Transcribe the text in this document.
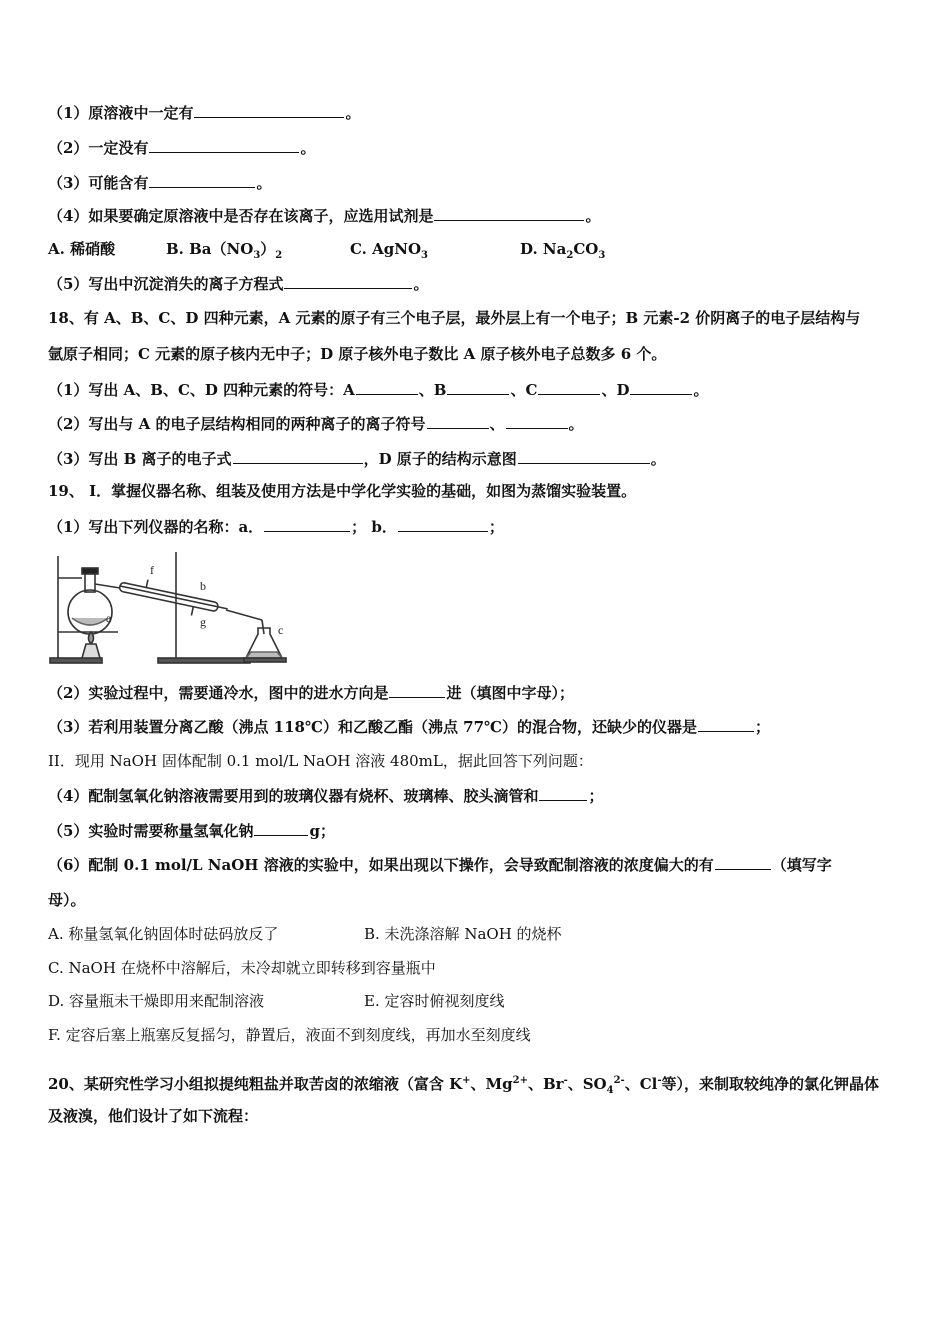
（1）原溶液中一定有	。
（2）一定没有	。
（3）可能含有	。
（4）如果要确定原溶液中是否存在该离子，应选用试剂是	。
A. 稀硝酸	B. $Ba(NO_3)_2$	C. AgNO$_3$	D. $Na_2CO_3$
（5）写出中沉淀消失的离子方程式	。
18、有 A、B、C、D 四种元素，A 元素的原子有三个电子层，最外层上有一个电子；B 元素-2 价阴离子的电子层结构与
氩原子相同；C 元素的原子核内无中子；D 原子核外电子数比 A 原子核外电子总数多 6 个。
（1）写出 A、B、C、D 四种元素的符号：A	、B	、C	、D	。
（2）写出与 A 的电子层结构相同的两种离子的离子符号	、	。
（3）写出 B 离子的电子式	，D 原子的结构示意图	。
19、 Ⅰ．掌握仪器名称、组装及使用方法是中学化学实验的基础，如图为蒸馏实验装置。
（1）写出下列仪器的名称：a．	； b．	；
a
f
b
g
c
（2）实验过程中，需要通冷水，图中的进水方向是	进（填图中字母）；
（3）若利用装置分离乙酸（沸点 118℃）和乙酸乙酯（沸点 77℃）的混合物，还缺少的仪器是	；
II．现用 NaOH 固体配制 0.1 mol/L NaOH 溶液 480mL，据此回答下列问题：
（4）配制氢氧化钠溶液需要用到的玻璃仪器有烧杯、玻璃棒、胶头滴管和	；
（5）实验时需要称量氢氧化钠	g；
（6）配制 0.1 mol/L NaOH 溶液的实验中，如果出现以下操作，会导致配制溶液的浓度偏大的有	（填写字
母）。
A. 称量氢氧化钠固体时砝码放反了	B. 未洗涤溶解 NaOH 的烧杯
C. NaOH 在烧杯中溶解后，未冷却就立即转移到容量瓶中
D. 容量瓶未干燥即用来配制溶液	E. 定容时俯视刻度线
F. 定容后塞上瓶塞反复摇匀，静置后，液面不到刻度线，再加水至刻度线
20、某研究性学习小组拟提纯粗盐并取苦卤的浓缩液（富含 K+、$Mg^{2+}$、Br-、$SO_4^{2-}$、Cl-等），来制取较纯净的氯化钾晶体
及液溴，他们设计了如下流程：
